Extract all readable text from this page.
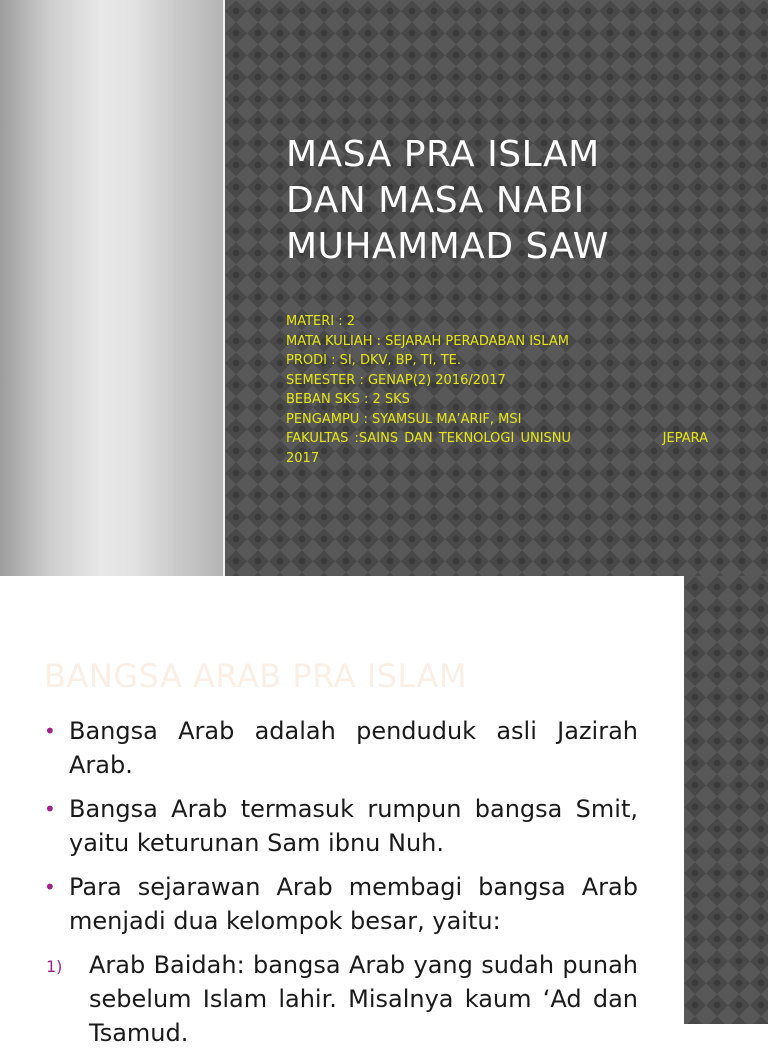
MASA PRA ISLAM
DAN MASA NABI
MUHAMMAD SAW
MATERI : 2
MATA KULIAH : SEJARAH PERADABAN ISLAM
PRODI : SI, DKV, BP, TI, TE.
SEMESTER : GENAP(2) 2016/2017
BEBAN SKS : 2 SKS
PENGAMPU : SYAMSUL MA’ARIF, MSI
FAKULTAS :SAINS DAN TEKNOLOGI UNISNU	JEPARA
2017
BANGSA ARAB PRA ISLAM
• Bangsa Arab adalah penduduk asli Jazirah Arab.
• Bangsa Arab termasuk rumpun bangsa Smit, yaitu keturunan Sam ibnu Nuh.
• Para sejarawan Arab membagi bangsa Arab menjadi dua kelompok besar, yaitu:
1) Arab Baidah: bangsa Arab yang sudah punah sebelum Islam lahir. Misalnya kaum ‘Ad dan Tsamud.
